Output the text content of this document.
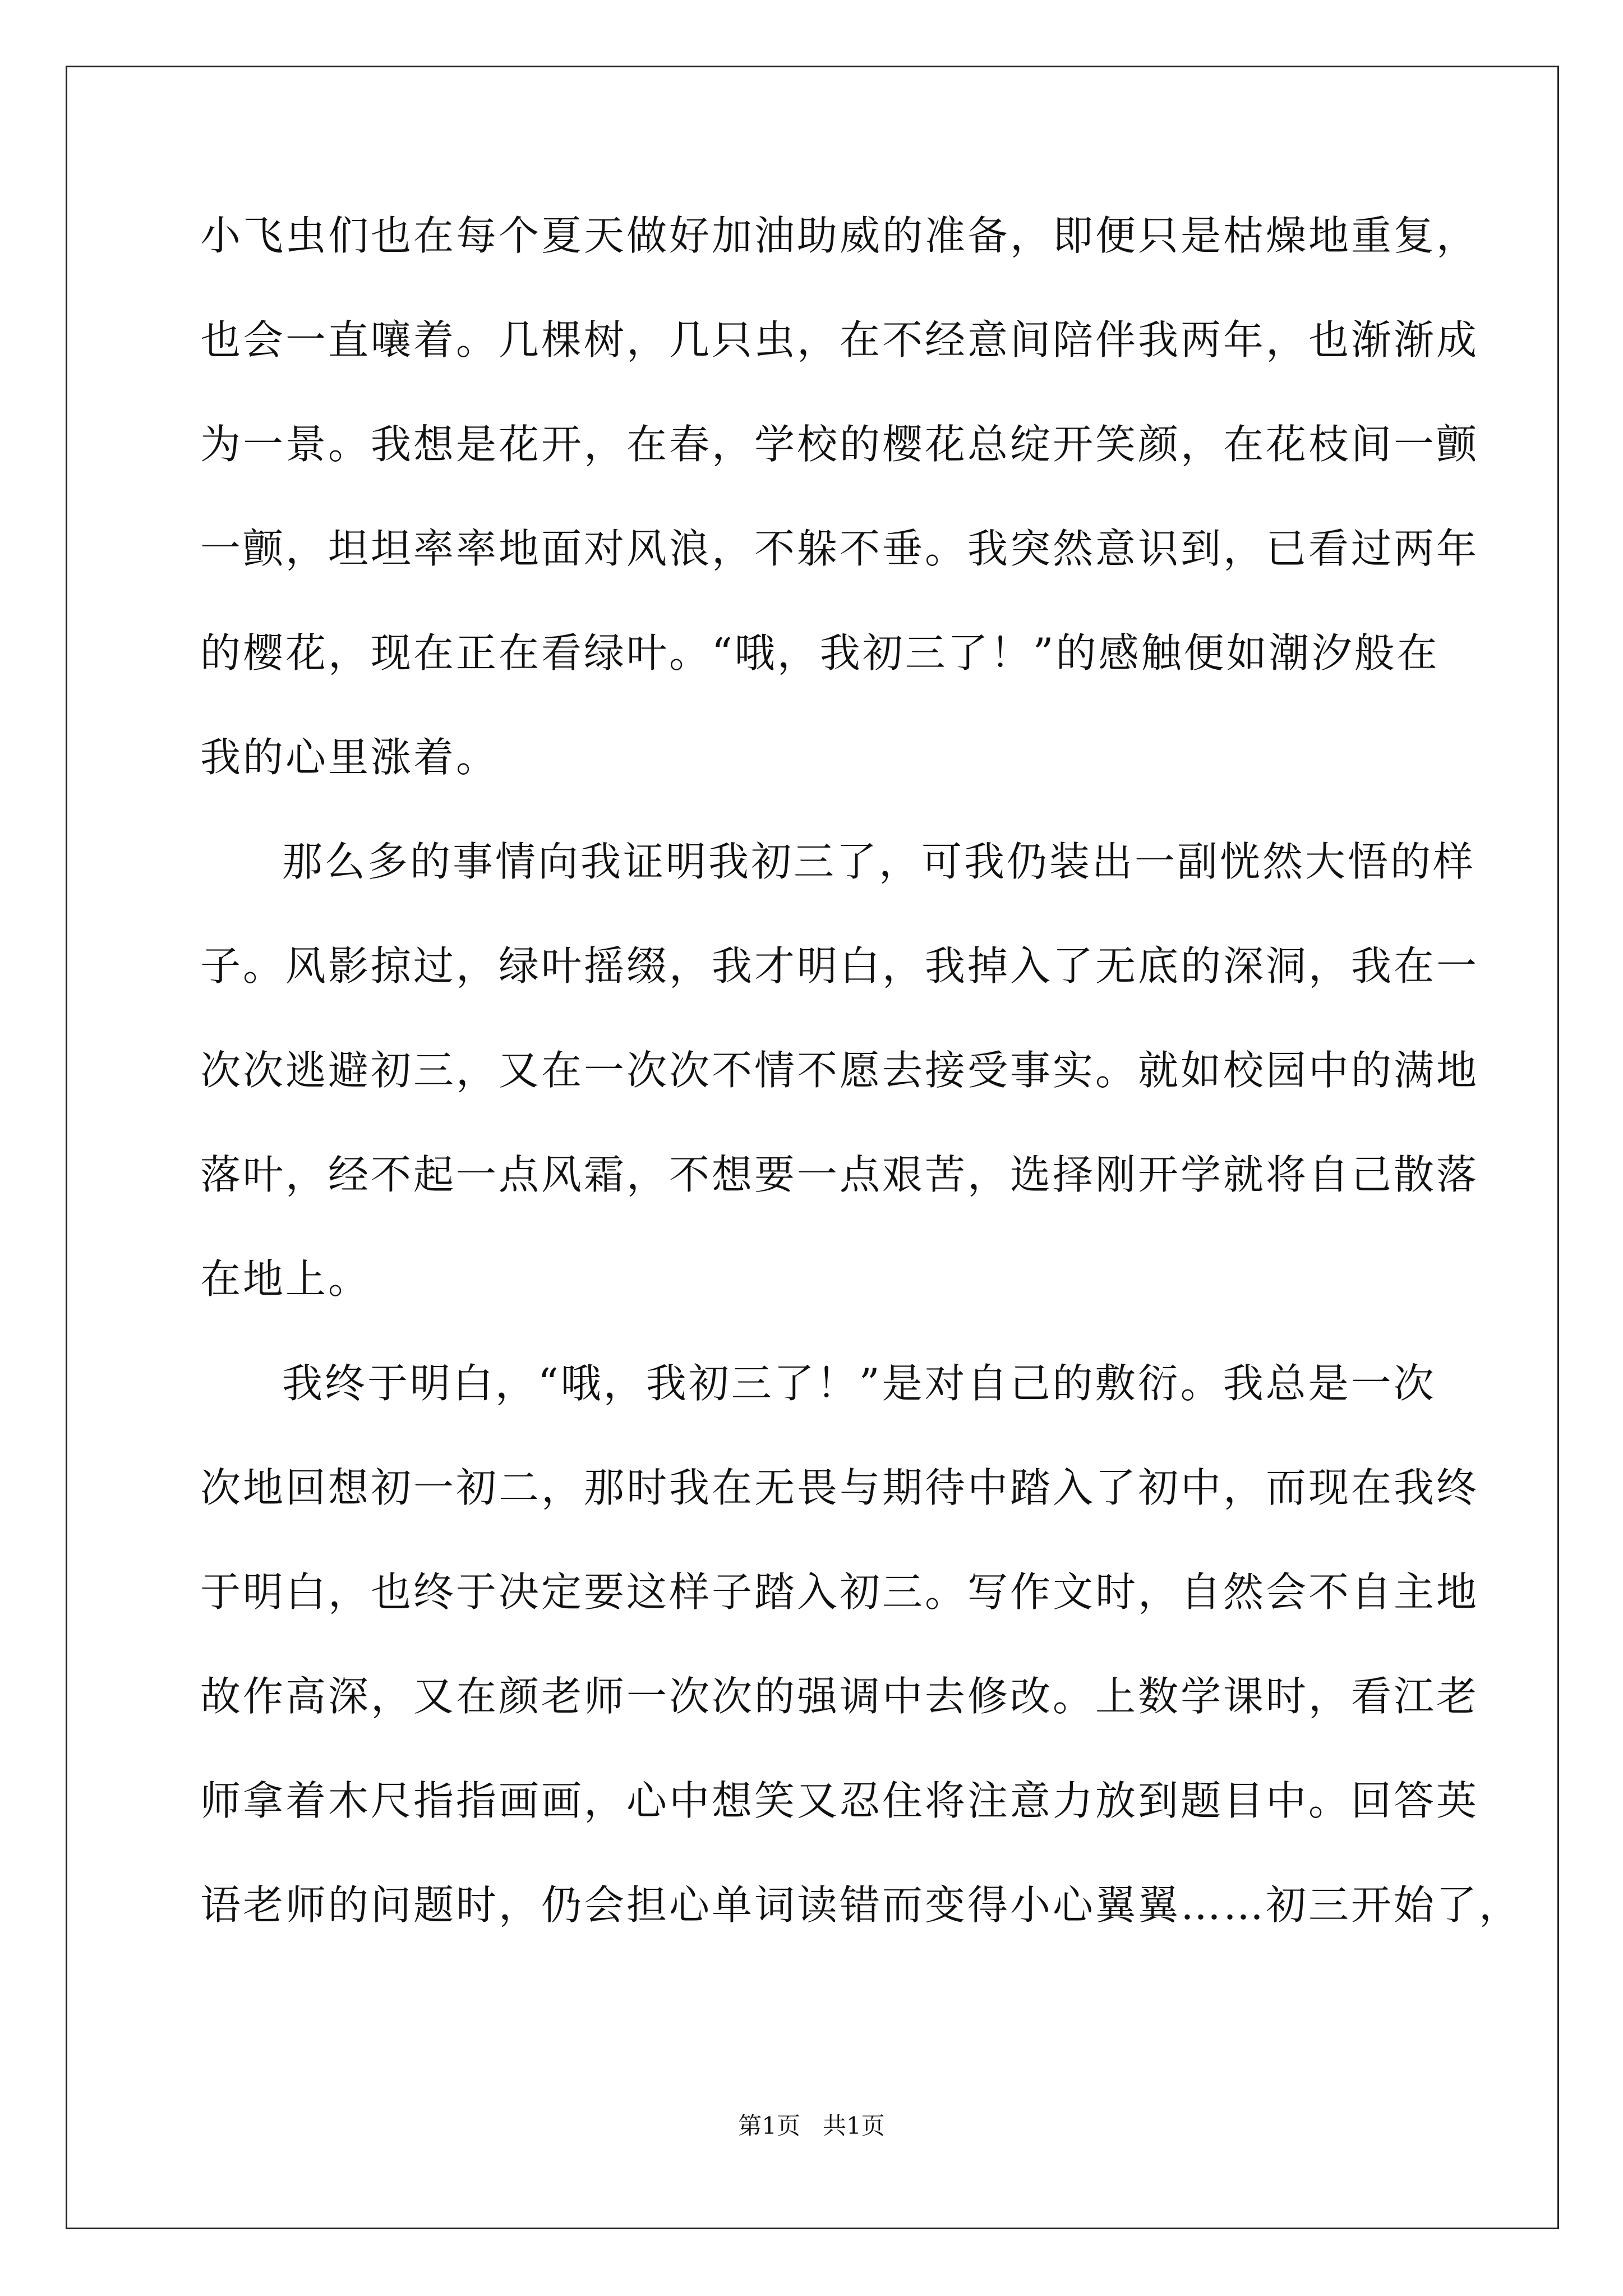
小飞虫们也在每个夏天做好加油助威的准备，即便只是枯燥地重复，
也会一直嚷着。几棵树，几只虫，在不经意间陪伴我两年，也渐渐成
为一景。我想是花开，在春，学校的樱花总绽开笑颜，在花枝间一颤
一颤，坦坦率率地面对风浪，不躲不垂。我突然意识到，已看过两年
的樱花，现在正在看绿叶。“哦，我初三了！”的感触便如潮汐般在
我的心里涨着。
那么多的事情向我证明我初三了，可我仍装出一副恍然大悟的样
子。风影掠过，绿叶摇缀，我才明白，我掉入了无底的深洞，我在一
次次逃避初三，又在一次次不情不愿去接受事实。就如校园中的满地
落叶，经不起一点风霜，不想要一点艰苦，选择刚开学就将自己散落
在地上。
我终于明白，“哦，我初三了！”是对自己的敷衍。我总是一次
次地回想初一初二，那时我在无畏与期待中踏入了初中，而现在我终
于明白，也终于决定要这样子踏入初三。写作文时，自然会不自主地
故作高深，又在颜老师一次次的强调中去修改。上数学课时，看江老
师拿着木尺指指画画，心中想笑又忍住将注意力放到题目中。回答英
语老师的问题时，仍会担心单词读错而变得小心翼翼……初三开始了，
第1页   共1页
